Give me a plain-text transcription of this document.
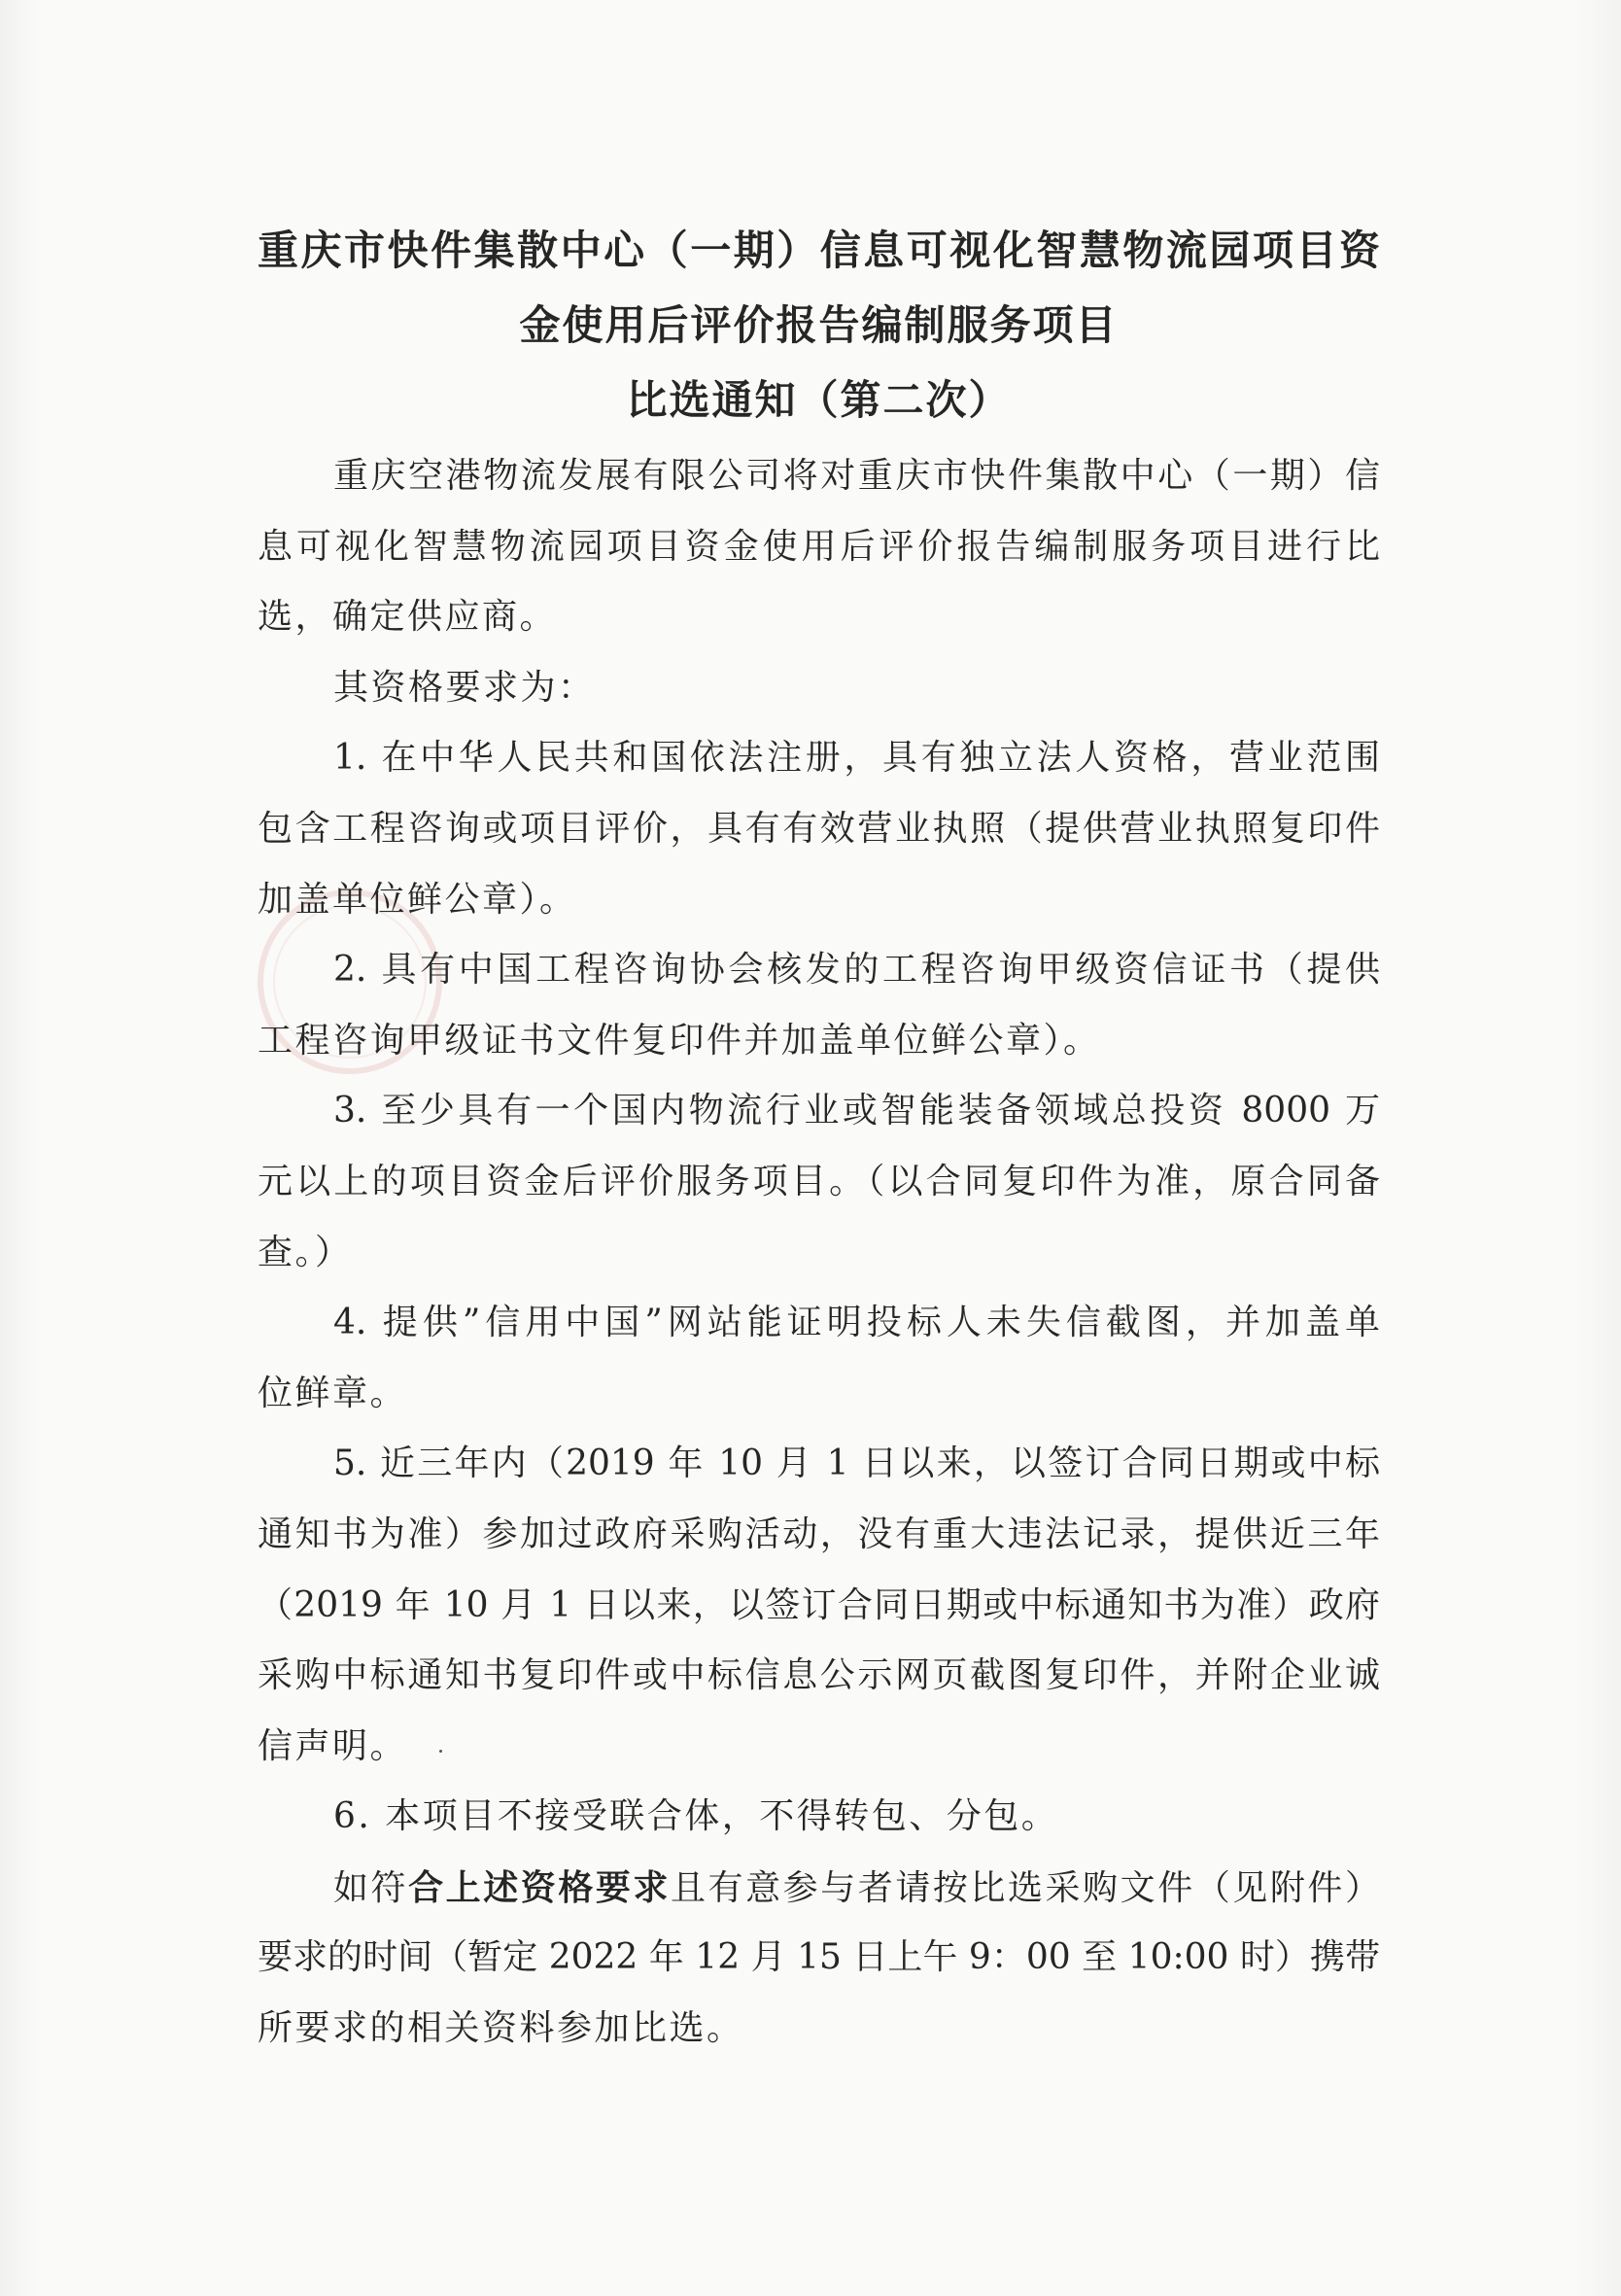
重庆市快件集散中心（一期）信息可视化智慧物流园项目资
金使用后评价报告编制服务项目
比选通知（第二次）
重庆空港物流发展有限公司将对重庆市快件集散中心（一期）信
息可视化智慧物流园项目资金使用后评价报告编制服务项目进行比
选，确定供应商。
其资格要求为：
1. 在中华人民共和国依法注册，具有独立法人资格，营业范围
包含工程咨询或项目评价，具有有效营业执照（提供营业执照复印件
加盖单位鲜公章）。
2. 具有中国工程咨询协会核发的工程咨询甲级资信证书（提供
工程咨询甲级证书文件复印件并加盖单位鲜公章）。
3. 至少具有一个国内物流行业或智能装备领域总投资 8000 万
元以上的项目资金后评价服务项目。（以合同复印件为准，原合同备
查。）
4. 提供”信用中国”网站能证明投标人未失信截图，并加盖单
位鲜章。
5. 近三年内（2019 年 10 月 1 日以来，以签订合同日期或中标
通知书为准）参加过政府采购活动，没有重大违法记录，提供近三年
（2019 年 10 月 1 日以来，以签订合同日期或中标通知书为准）政府
采购中标通知书复印件或中标信息公示网页截图复印件，并附企业诚
信声明。
6. 本项目不接受联合体，不得转包、分包。
如符合上述资格要求且有意参与者请按比选采购文件（见附件）
要求的时间（暂定 2022 年 12 月 15 日上午 9：00 至 10:00 时）携带
所要求的相关资料参加比选。
